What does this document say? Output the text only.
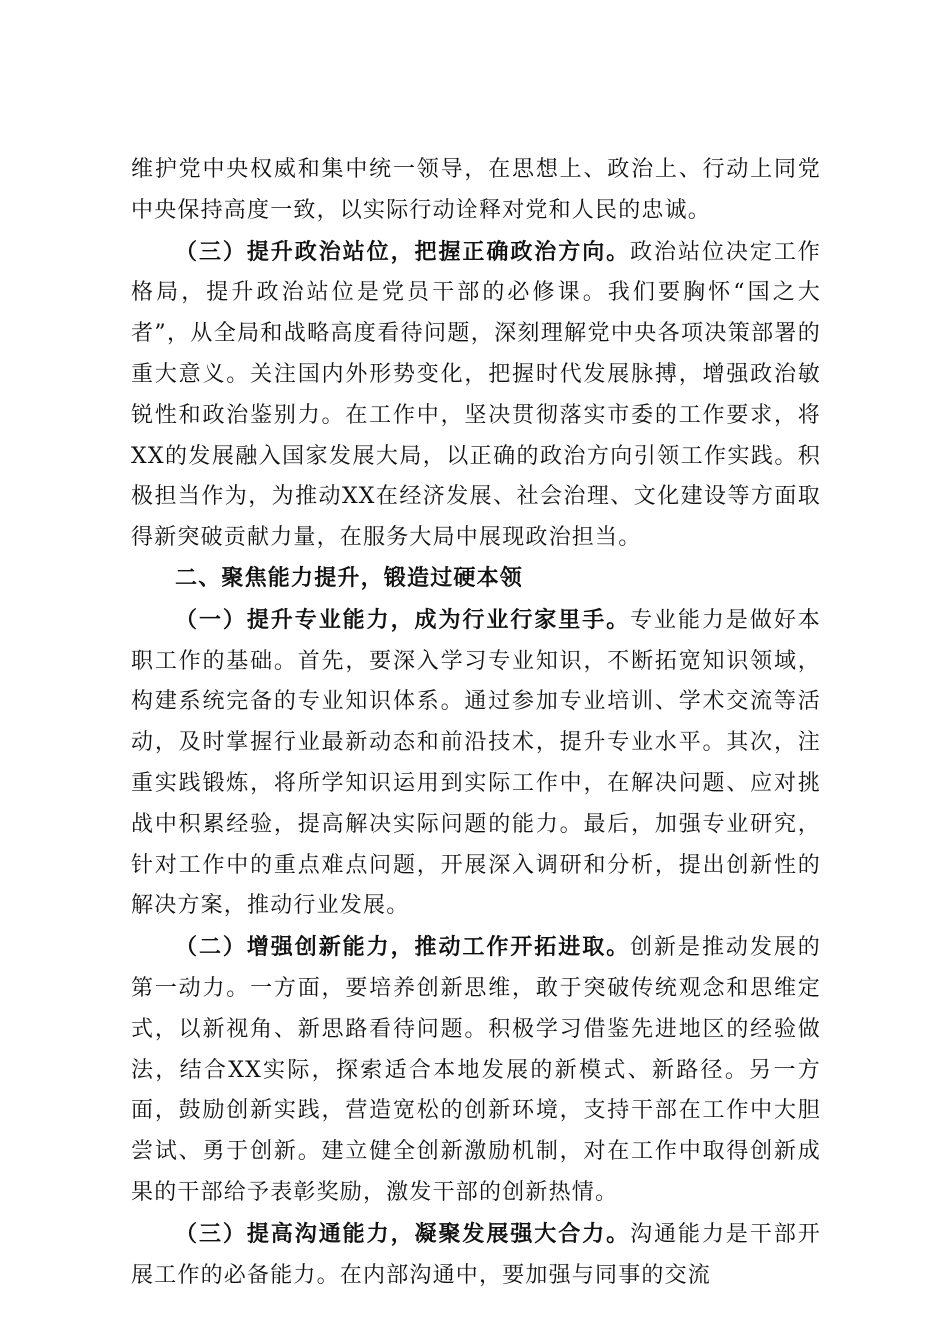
维护党中央权威和集中统一领导，在思想上、政治上、行动上同党中央保持高度一致，以实际行动诠释对党和人民的忠诚。

（三）提升政治站位，把握正确政治方向。政治站位决定工作格局，提升政治站位是党员干部的必修课。我们要胸怀“国之大者”，从全局和战略高度看待问题，深刻理解党中央各项决策部署的重大意义。关注国内外形势变化，把握时代发展脉搏，增强政治敏锐性和政治鉴别力。在工作中，坚决贯彻落实市委的工作要求，将XX的发展融入国家发展大局，以正确的政治方向引领工作实践。积极担当作为，为推动XX在经济发展、社会治理、文化建设等方面取得新突破贡献力量，在服务大局中展现政治担当。

二、聚焦能力提升，锻造过硬本领

（一）提升专业能力，成为行业行家里手。专业能力是做好本职工作的基础。首先，要深入学习专业知识，不断拓宽知识领域，构建系统完备的专业知识体系。通过参加专业培训、学术交流等活动，及时掌握行业最新动态和前沿技术，提升专业水平。其次，注重实践锻炼，将所学知识运用到实际工作中，在解决问题、应对挑战中积累经验，提高解决实际问题的能力。最后，加强专业研究，针对工作中的重点难点问题，开展深入调研和分析，提出创新性的解决方案，推动行业发展。

（二）增强创新能力，推动工作开拓进取。创新是推动发展的第一动力。一方面，要培养创新思维，敢于突破传统观念和思维定式，以新视角、新思路看待问题。积极学习借鉴先进地区的经验做法，结合XX实际，探索适合本地发展的新模式、新路径。另一方面，鼓励创新实践，营造宽松的创新环境，支持干部在工作中大胆尝试、勇于创新。建立健全创新激励机制，对在工作中取得创新成果的干部给予表彰奖励，激发干部的创新热情。

（三）提高沟通能力，凝聚发展强大合力。沟通能力是干部开展工作的必备能力。在内部沟通中，要加强与同事的交流
